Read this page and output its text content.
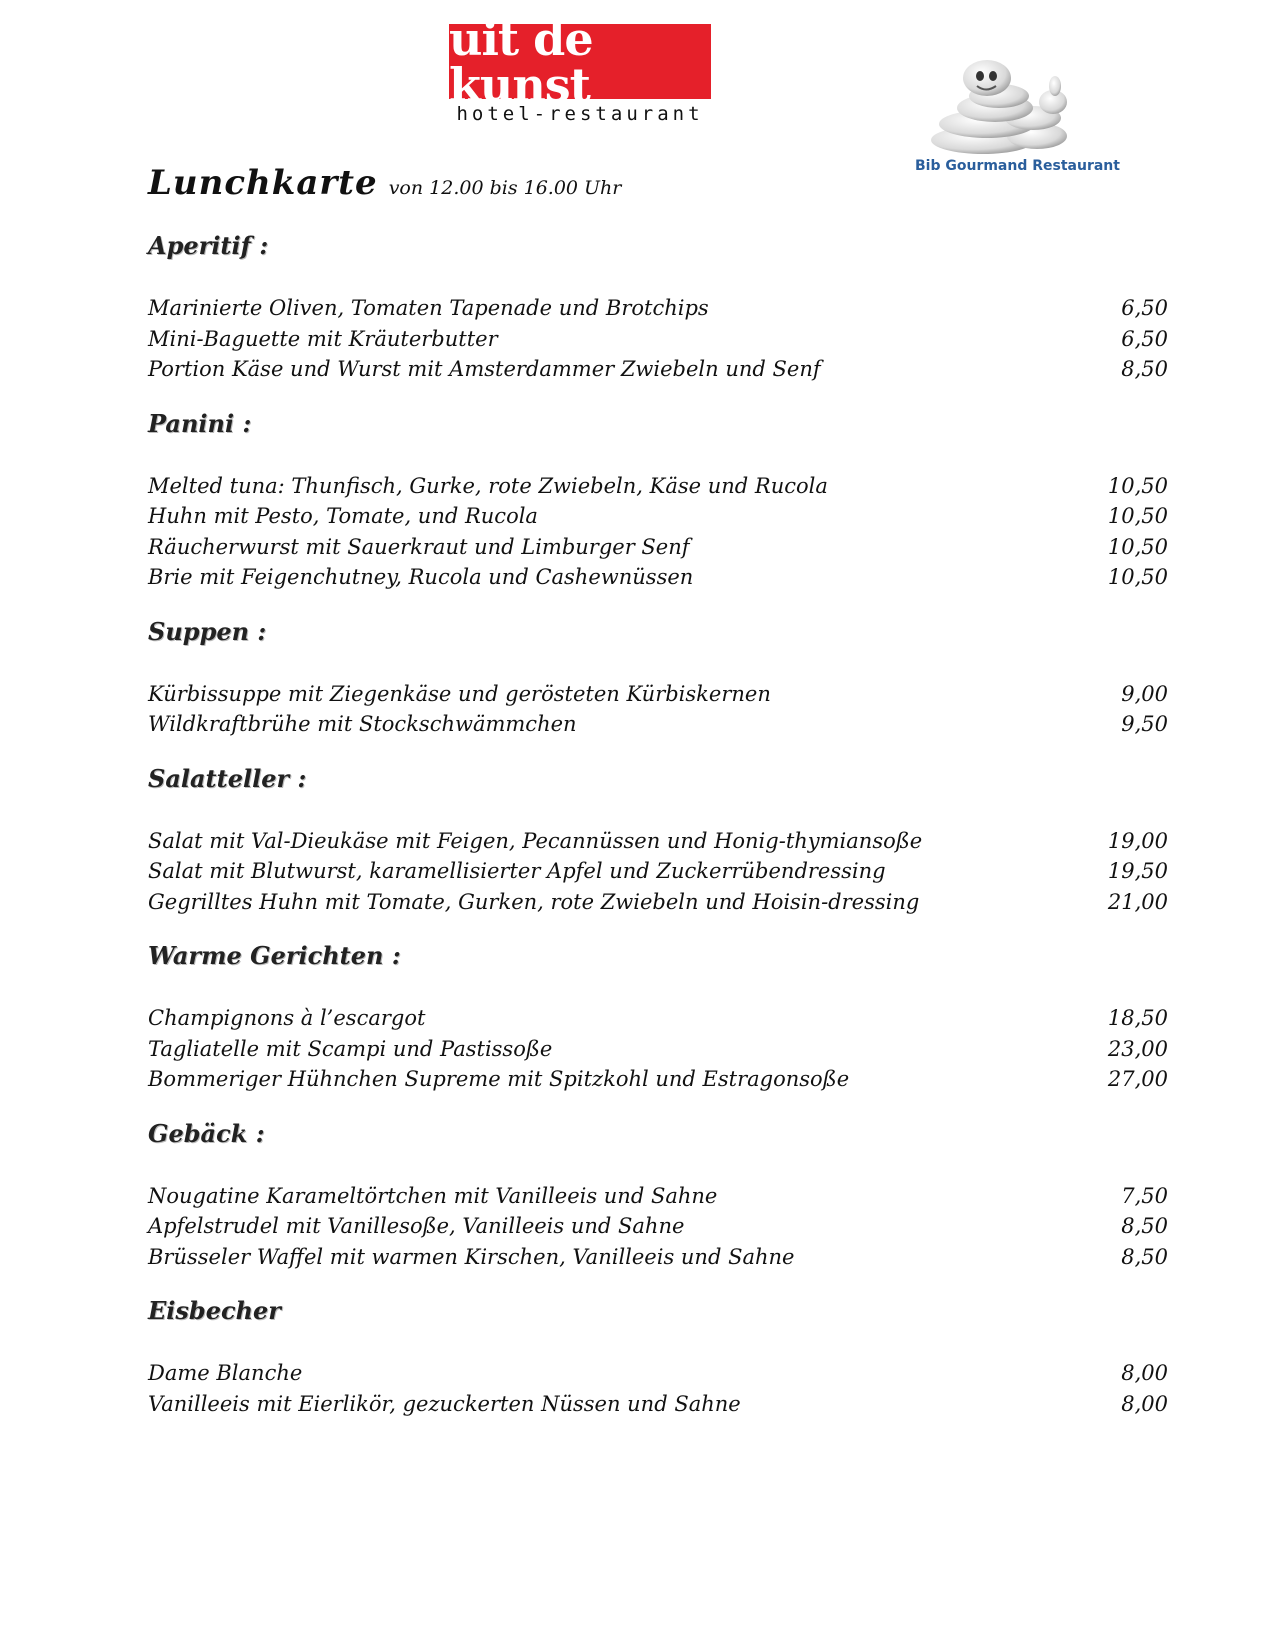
uit de kunst
hotel-restaurant
Bib Gourmand Restaurant
Lunchkarte von 12.00 bis 16.00 Uhr
Aperitif :
Marinierte Oliven, Tomaten Tapenade und Brotchips	6,50
Mini-Baguette mit Kräuterbutter	6,50
Portion Käse und Wurst mit Amsterdammer Zwiebeln und Senf	8,50
Panini :
Melted tuna: Thunfisch, Gurke, rote Zwiebeln, Käse und Rucola	10,50
Huhn mit Pesto, Tomate, und Rucola	10,50
Räucherwurst mit Sauerkraut und Limburger Senf	10,50
Brie mit Feigenchutney, Rucola und Cashewnüssen	10,50
Suppen :
Kürbissuppe mit Ziegenkäse und gerösteten Kürbiskernen	9,00
Wildkraftbrühe mit Stockschwämmchen	9,50
Salatteller :
Salat mit Val-Dieukäse mit Feigen, Pecannüssen und Honig-thymiansoße	19,00
Salat mit Blutwurst, karamellisierter Apfel und Zuckerrübendressing	19,50
Gegrilltes Huhn mit Tomate, Gurken, rote Zwiebeln und Hoisin-dressing	21,00
Warme Gerichten :
Champignons à l’escargot	18,50
Tagliatelle mit Scampi und Pastissoße	23,00
Bommeriger Hühnchen Supreme mit Spitzkohl und Estragonsoße	27,00
Gebäck :
Nougatine Karameltörtchen mit Vanilleeis und Sahne	7,50
Apfelstrudel mit Vanillesoße, Vanilleeis und Sahne	8,50
Brüsseler Waffel mit warmen Kirschen, Vanilleeis und Sahne	8,50
Eisbecher
Dame Blanche	8,00
Vanilleeis mit Eierlikör, gezuckerten Nüssen und Sahne	8,00
